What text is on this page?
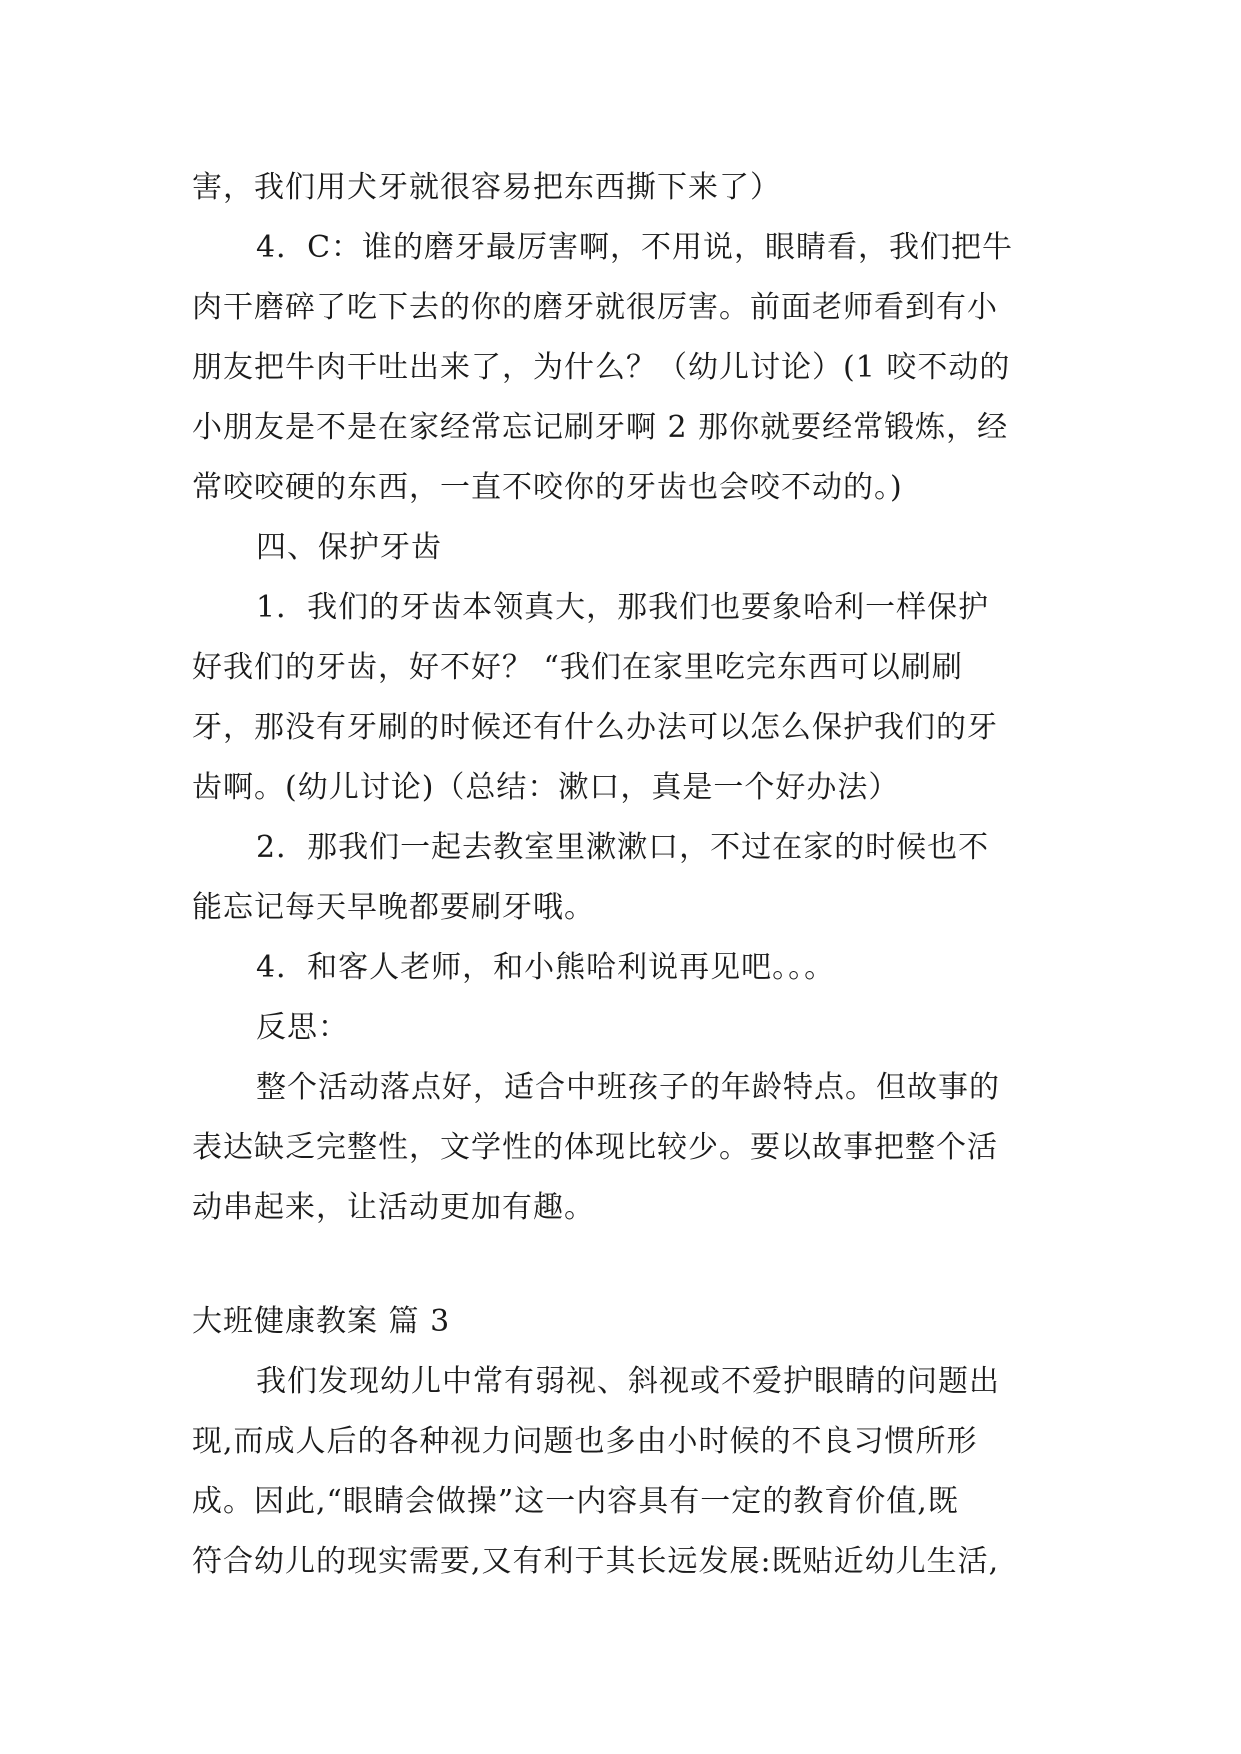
害，我们用犬牙就很容易把东西撕下来了）
4．C：谁的磨牙最厉害啊，不用说，眼睛看，我们把牛
肉干磨碎了吃下去的你的磨牙就很厉害。前面老师看到有小
朋友把牛肉干吐出来了，为什么？（幼儿讨论）(1 咬不动的
小朋友是不是在家经常忘记刷牙啊 2 那你就要经常锻炼，经
常咬咬硬的东西，一直不咬你的牙齿也会咬不动的。)
四、保护牙齿
1．我们的牙齿本领真大，那我们也要象哈利一样保护
好我们的牙齿，好不好？ “我们在家里吃完东西可以刷刷
牙，那没有牙刷的时候还有什么办法可以怎么保护我们的牙
齿啊。(幼儿讨论)（总结：漱口，真是一个好办法）
2．那我们一起去教室里漱漱口，不过在家的时候也不
能忘记每天早晚都要刷牙哦。
4．和客人老师，和小熊哈利说再见吧。。。
反思：
整个活动落点好，适合中班孩子的年龄特点。但故事的
表达缺乏完整性，文学性的体现比较少。要以故事把整个活
动串起来，让活动更加有趣。
大班健康教案 篇 3
我们发现幼儿中常有弱视、斜视或不爱护眼睛的问题出
现,而成人后的各种视力问题也多由小时候的不良习惯所形
成。因此,“眼睛会做操”这一内容具有一定的教育价值,既
符合幼儿的现实需要,又有利于其长远发展:既贴近幼儿生活,
